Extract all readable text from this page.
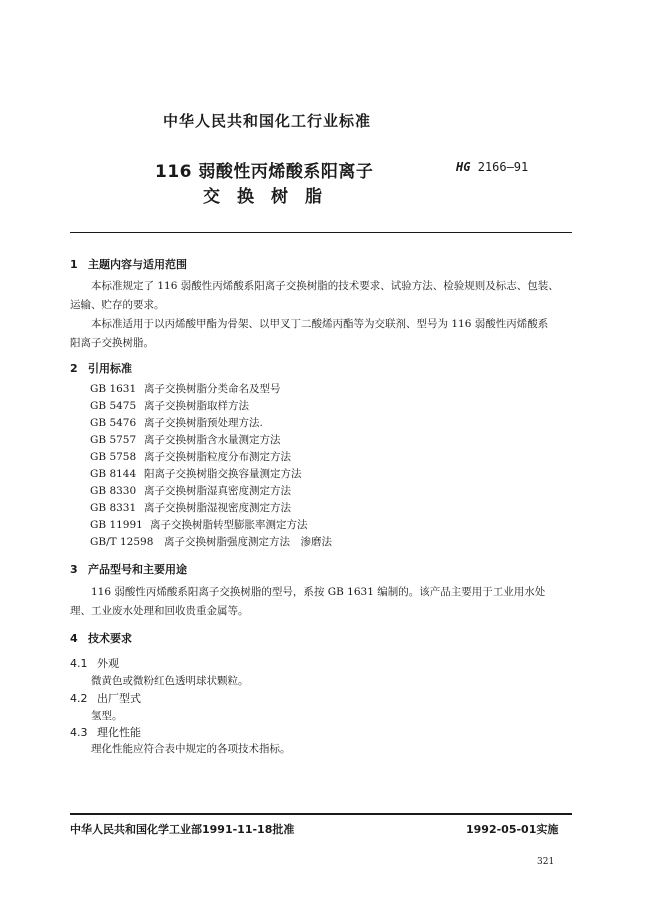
中华人民共和国化工行业标准
116 弱酸性丙烯酸系阳离子
交换树脂
HG 2166—91
1 主题内容与适用范围
本标准规定了 116 弱酸性丙烯酸系阳离子交换树脂的技术要求、试验方法、检验规则及标志、包装、
运输、贮存的要求。
本标准适用于以丙烯酸甲酯为骨架、以甲叉丁二酸烯丙酯等为交联剂、型号为 116 弱酸性丙烯酸系
阳离子交换树脂。
2 引用标准
GB 1631 离子交换树脂分类命名及型号
GB 5475 离子交换树脂取样方法
GB 5476 离子交换树脂预处理方法.
GB 5757 离子交换树脂含水量测定方法
GB 5758 离子交换树脂粒度分布测定方法
GB 8144 阳离子交换树脂交换容量测定方法
GB 8330 离子交换树脂湿真密度测定方法
GB 8331 离子交换树脂湿视密度测定方法
GB 11991 离子交换树脂转型膨胀率测定方法
GB/T 12598 离子交换树脂强度测定方法　渗磨法
3 产品型号和主要用途
116 弱酸性丙烯酸系阳离子交换树脂的型号，系按 GB 1631 编制的。该产品主要用于工业用水处
理、工业废水处理和回收贵重金属等。
4 技术要求
4.1 外观
微黄色或微粉红色透明球状颗粒。
4.2 出厂型式
氢型。
4.3 理化性能
理化性能应符合表中规定的各项技术指标。
中华人民共和国化学工业部1991-11-18批准	1992-05-01实施
321
